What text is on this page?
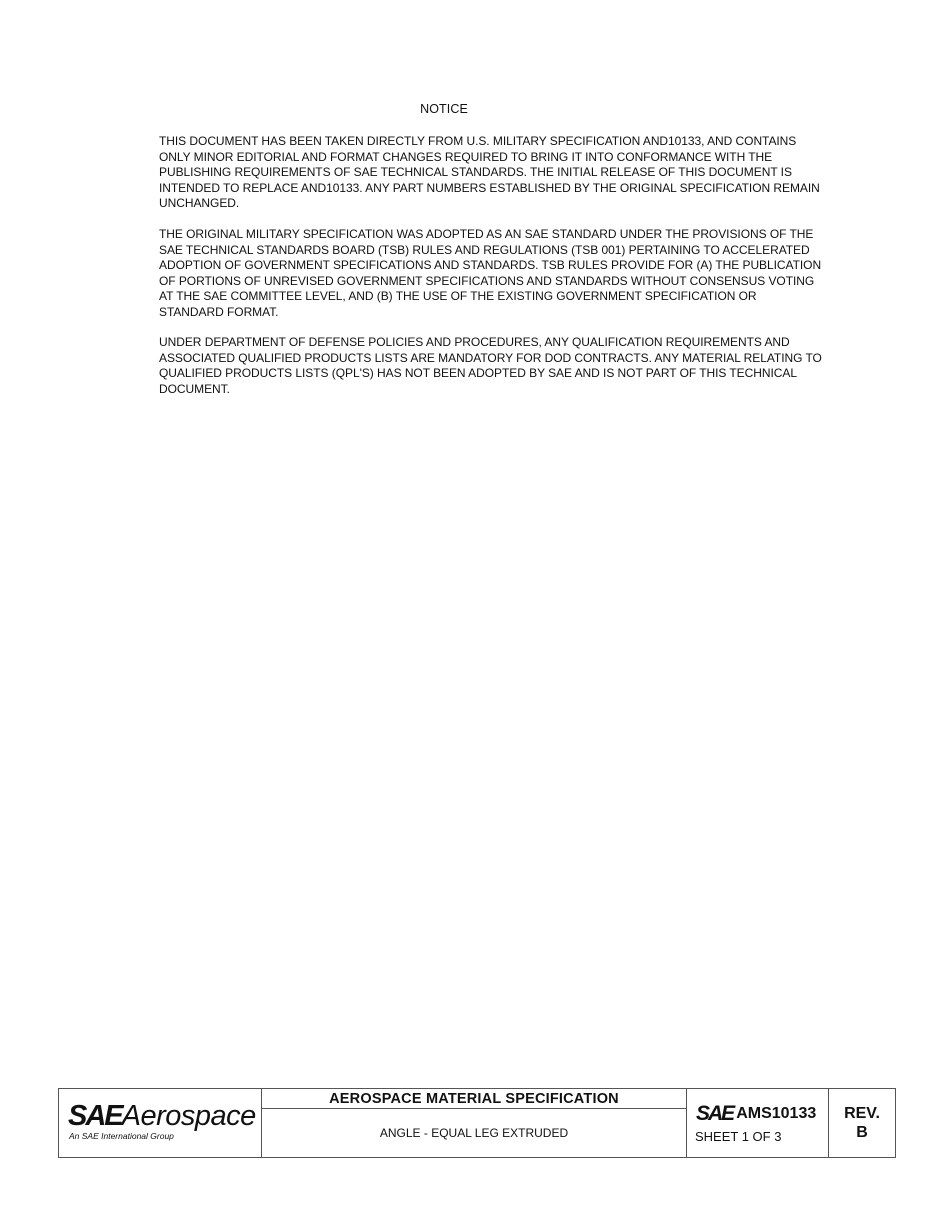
NOTICE

THIS DOCUMENT HAS BEEN TAKEN DIRECTLY FROM U.S. MILITARY SPECIFICATION AND10133, AND CONTAINS ONLY MINOR EDITORIAL AND FORMAT CHANGES REQUIRED TO BRING IT INTO CONFORMANCE WITH THE PUBLISHING REQUIREMENTS OF SAE TECHNICAL STANDARDS. THE INITIAL RELEASE OF THIS DOCUMENT IS INTENDED TO REPLACE AND10133. ANY PART NUMBERS ESTABLISHED BY THE ORIGINAL SPECIFICATION REMAIN UNCHANGED.

THE ORIGINAL MILITARY SPECIFICATION WAS ADOPTED AS AN SAE STANDARD UNDER THE PROVISIONS OF THE SAE TECHNICAL STANDARDS BOARD (TSB) RULES AND REGULATIONS (TSB 001) PERTAINING TO ACCELERATED ADOPTION OF GOVERNMENT SPECIFICATIONS AND STANDARDS. TSB RULES PROVIDE FOR (A) THE PUBLICATION OF PORTIONS OF UNREVISED GOVERNMENT SPECIFICATIONS AND STANDARDS WITHOUT CONSENSUS VOTING AT THE SAE COMMITTEE LEVEL, AND (B) THE USE OF THE EXISTING GOVERNMENT SPECIFICATION OR STANDARD FORMAT.

UNDER DEPARTMENT OF DEFENSE POLICIES AND PROCEDURES, ANY QUALIFICATION REQUIREMENTS AND ASSOCIATED QUALIFIED PRODUCTS LISTS ARE MANDATORY FOR DOD CONTRACTS. ANY MATERIAL RELATING TO QUALIFIED PRODUCTS LISTS (QPL'S) HAS NOT BEEN ADOPTED BY SAE AND IS NOT PART OF THIS TECHNICAL DOCUMENT.

SAEAerospace
An SAE International Group
AEROSPACE MATERIAL SPECIFICATION
ANGLE - EQUAL LEG EXTRUDED
SAE AMS10133
SHEET 1 OF 3
REV.
B
